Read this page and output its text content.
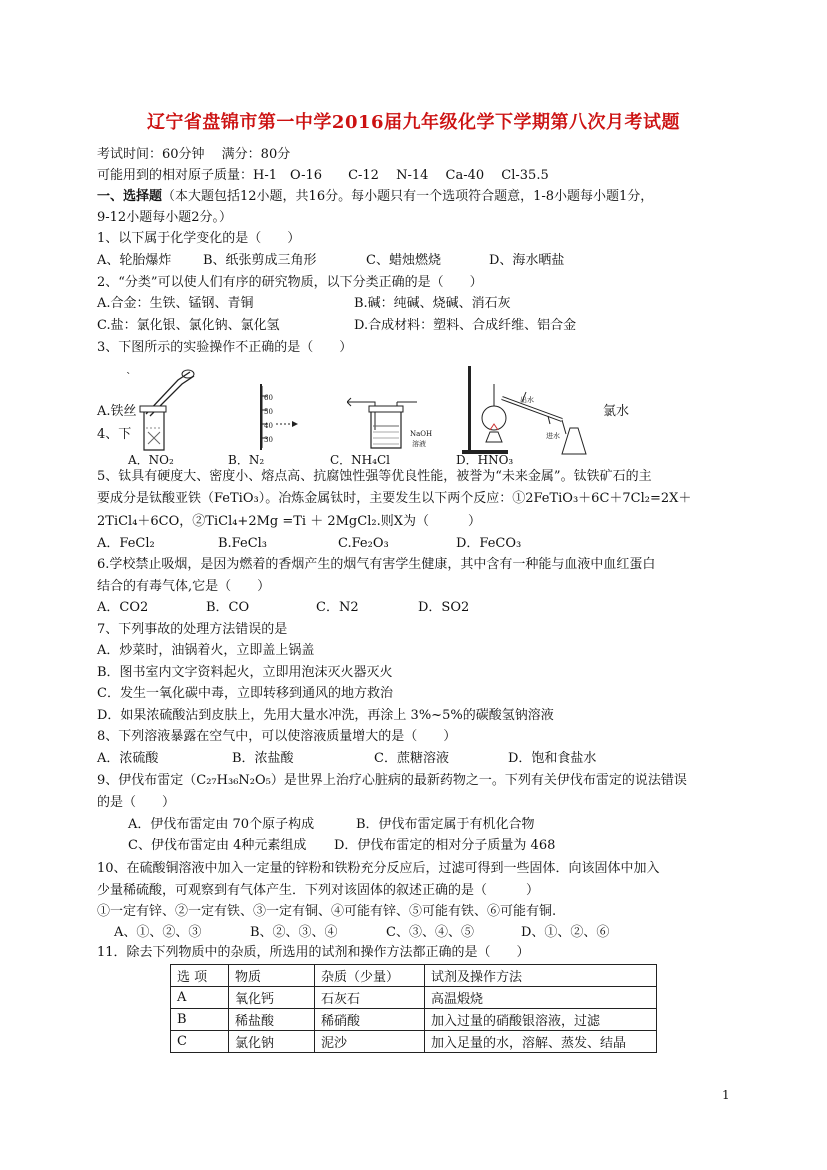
辽宁省盘锦市第一中学2016届九年级化学下学期第八次月考试题
考试时间：60分钟　 满分：80分
可能用到的相对原子质量：H-1　O-16　　C-12　 N-14　 Ca-40　 Cl-35.5
一、选择题（本大题包括12小题，共16分。每小题只有一个选项符合题意，1-8小题每小题1分，
9-12小题每小题2分。）
1、以下属于化学变化的是（　　）
A、轮胎爆炸 B、纸张剪成三角形	C、蜡烛燃烧	D、海水晒盐
2、“分类”可以使人们有序的研究物质，以下分类正确的是（　　）
A.合金：生铁、锰钢、青铜	B.碱：纯碱、烧碱、消石灰
C.盐：氯化银、氯化钠、氯化氢	D.合成材料：塑料、合成纤维、铝合金
3、下图所示的实验操作不正确的是（　　）
`
60
50
40
30
NaOH
溶液
出水
进水
A.铁丝	氯水
4、下
A．NO₂	B．N₂	C．NH₄Cl	D．HNO₃
5、钛具有硬度大、密度小、熔点高、抗腐蚀性强等优良性能，被誉为“未来金属”。钛铁矿石的主
要成分是钛酸亚铁（FeTiO₃）。冶炼金属钛时，主要发生以下两个反应：①2FeTiO₃＋6C＋7Cl₂=2X＋
2TiCl₄＋6CO，②TiCl₄+2Mg =Ti ＋ 2MgCl₂.则X为（　　　）
A．FeCl₂	B.FeCl₃	C.Fe₂O₃	D．FeCO₃
6.学校禁止吸烟，是因为燃着的香烟产生的烟气有害学生健康，其中含有一种能与血液中血红蛋白
结合的有毒气体,它是（　　）
A．CO2	B．CO	C．N2	D．SO2
7、下列事故的处理方法错误的是
A．炒菜时，油锅着火，立即盖上锅盖
B．图书室内文字资料起火，立即用泡沫灭火器灭火
C．发生一氧化碳中毒，立即转移到通风的地方救治
D．如果浓硫酸沾到皮肤上，先用大量水冲洗，再涂上 3%~5%的碳酸氢钠溶液
8、下列溶液暴露在空气中，可以使溶液质量增大的是（　　）
A．浓硫酸	B．浓盐酸	C．蔗糖溶液	D．饱和食盐水
9、伊伐布雷定（C₂₇H₃₆N₂O₅）是世界上治疗心脏病的最新药物之一。下列有关伊伐布雷定的说法错误
的是（　　）
A．伊伐布雷定由 70个原子构成	B．伊伐布雷定属于有机化合物
C、伊伐布雷定由 4种元素组成 D．伊伐布雷定的相对分子质量为 468
10、在硫酸铜溶液中加入一定量的锌粉和铁粉充分反应后，过滤可得到一些固体．向该固体中加入
少量稀硫酸，可观察到有气体产生．下列对该固体的叙述正确的是（　　　）
①一定有锌、②一定有铁、③一定有铜、④可能有锌、⑤可能有铁、⑥可能有铜.
A、①、②、③	B、②、③、④	C、③、④、⑤	D、①、②、⑥
11．除去下列物质中的杂质，所选用的试剂和操作方法都正确的是（　　）
选 项	物质	杂质（少量）	试剂及操作方法
A	氧化钙	石灰石	高温煅烧
B	稀盐酸	稀硝酸	加入过量的硝酸银溶液，过滤
C	氯化钠	泥沙	加入足量的水，溶解、蒸发、结晶
1
